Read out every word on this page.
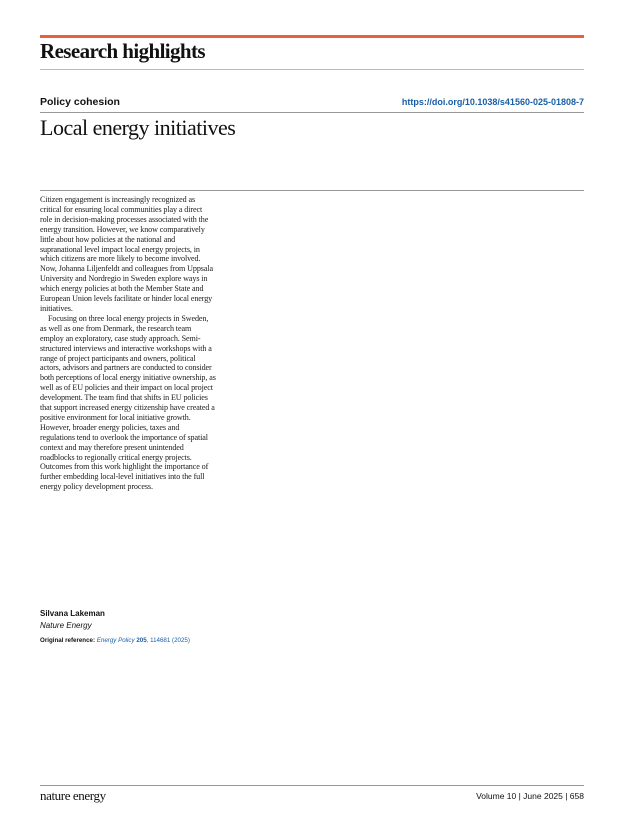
Research highlights
Policy cohesion	https://doi.org/10.1038/s41560-025-01808-7
Local energy initiatives

Citizen engagement is increasingly recognized as critical for ensuring local communities play a direct role in decision-making processes associated with the energy transition. However, we know comparatively little about how policies at the national and supranational level impact local energy projects, in which citizens are more likely to become involved. Now, Johanna Liljenfeldt and colleagues from Uppsala University and Nordregio in Sweden explore ways in which energy policies at both the Member State and European Union levels facilitate or hinder local energy initiatives.

Focusing on three local energy projects in Sweden, as well as one from Denmark, the research team employ an exploratory, case study approach. Semi-structured interviews and interactive workshops with a range of project participants and owners, political actors, advisors and partners are conducted to consider both perceptions of local energy initiative ownership, as well as of EU policies and their impact on local project development. The team find that shifts in EU policies that support increased energy citizenship have created a positive environment for local initiative growth. However, broader energy policies, taxes and regulations tend to overlook the importance of spatial context and may therefore present unintended roadblocks to regionally critical energy projects. Outcomes from this work highlight the importance of further embedding local-level initiatives into the full energy policy development process.

Silvana Lakeman
Nature Energy
Original reference: Energy Policy 205, 114681 (2025)
nature energy	Volume 10 | June 2025 | 658
